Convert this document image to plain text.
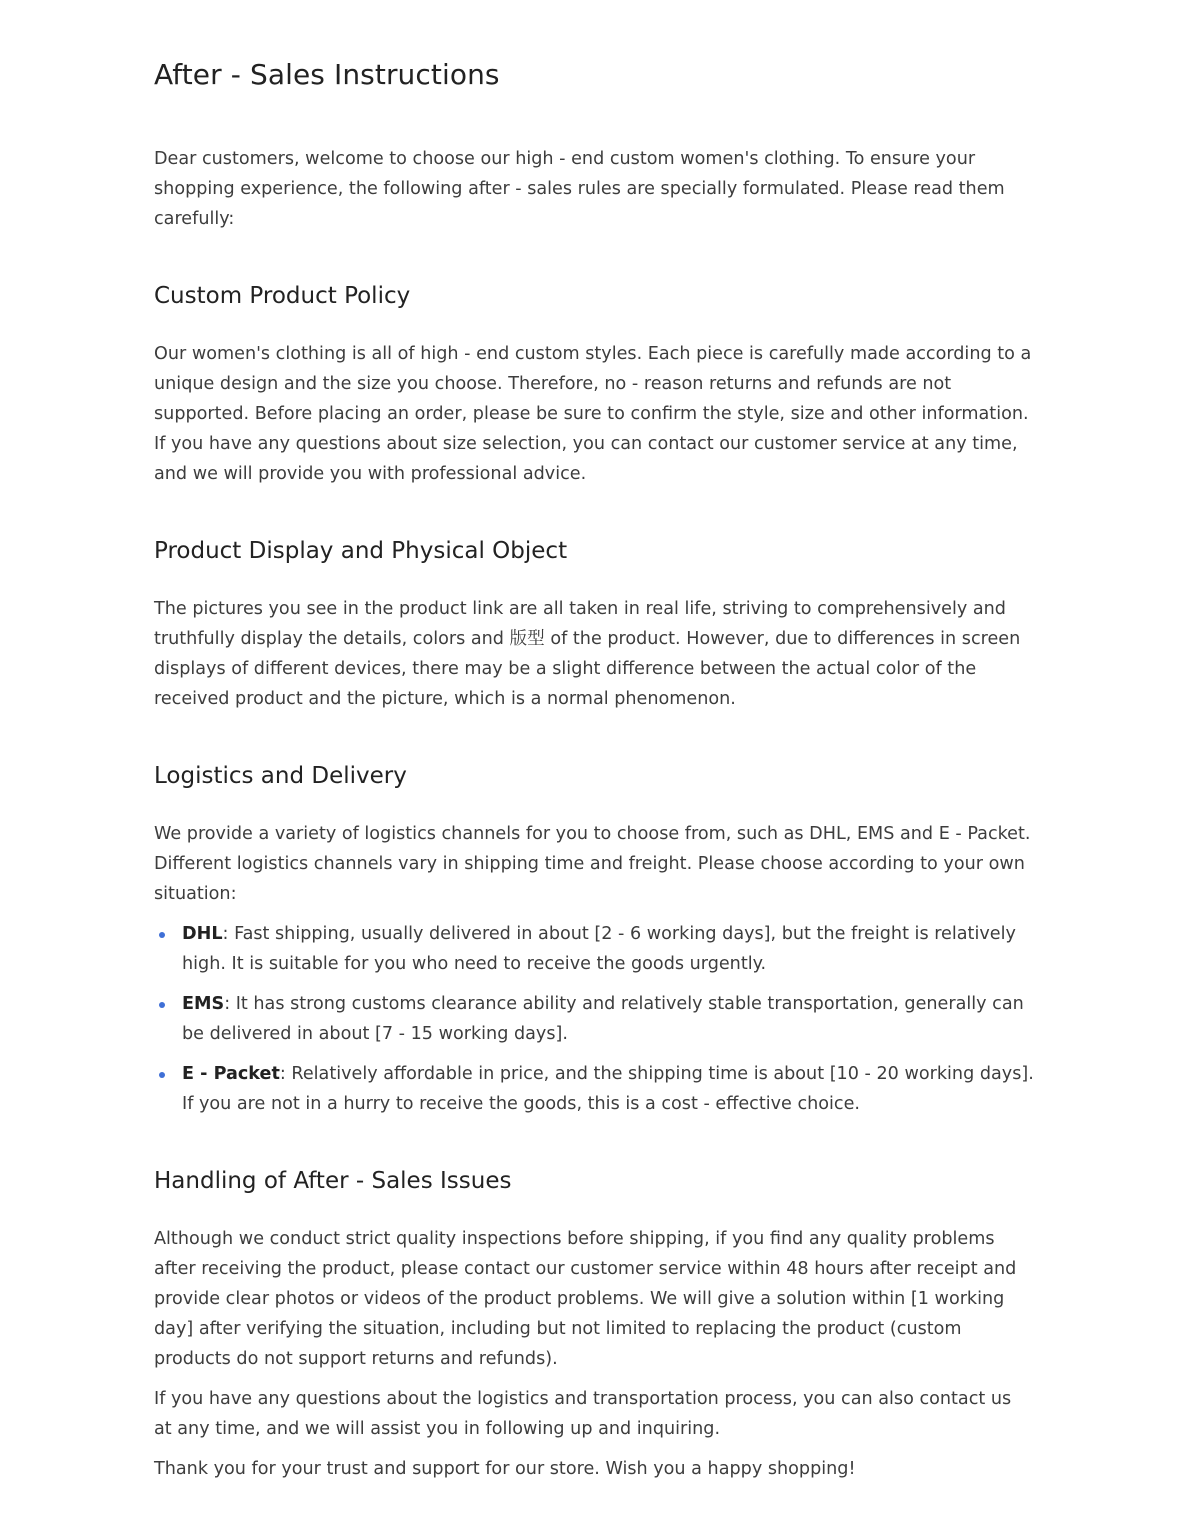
After - Sales Instructions

Dear customers, welcome to choose our high - end custom women's clothing. To ensure your shopping experience, the following after - sales rules are specially formulated. Please read them carefully:

Custom Product Policy

Our women's clothing is all of high - end custom styles. Each piece is carefully made according to a unique design and the size you choose. Therefore, no - reason returns and refunds are not supported. Before placing an order, please be sure to confirm the style, size and other information. If you have any questions about size selection, you can contact our customer service at any time, and we will provide you with professional advice.

Product Display and Physical Object

The pictures you see in the product link are all taken in real life, striving to comprehensively and truthfully display the details, colors and 版型 of the product. However, due to differences in screen displays of different devices, there may be a slight difference between the actual color of the received product and the picture, which is a normal phenomenon.

Logistics and Delivery

We provide a variety of logistics channels for you to choose from, such as DHL, EMS and E - Packet. Different logistics channels vary in shipping time and freight. Please choose according to your own situation:

DHL: Fast shipping, usually delivered in about [2 - 6 working days], but the freight is relatively high. It is suitable for you who need to receive the goods urgently.
EMS: It has strong customs clearance ability and relatively stable transportation, generally can be delivered in about [7 - 15 working days].
E - Packet: Relatively affordable in price, and the shipping time is about [10 - 20 working days]. If you are not in a hurry to receive the goods, this is a cost - effective choice.
Handling of After - Sales Issues

Although we conduct strict quality inspections before shipping, if you find any quality problems after receiving the product, please contact our customer service within 48 hours after receipt and provide clear photos or videos of the product problems. We will give a solution within [1 working day] after verifying the situation, including but not limited to replacing the product (custom products do not support returns and refunds).

If you have any questions about the logistics and transportation process, you can also contact us at any time, and we will assist you in following up and inquiring.

Thank you for your trust and support for our store. Wish you a happy shopping!
